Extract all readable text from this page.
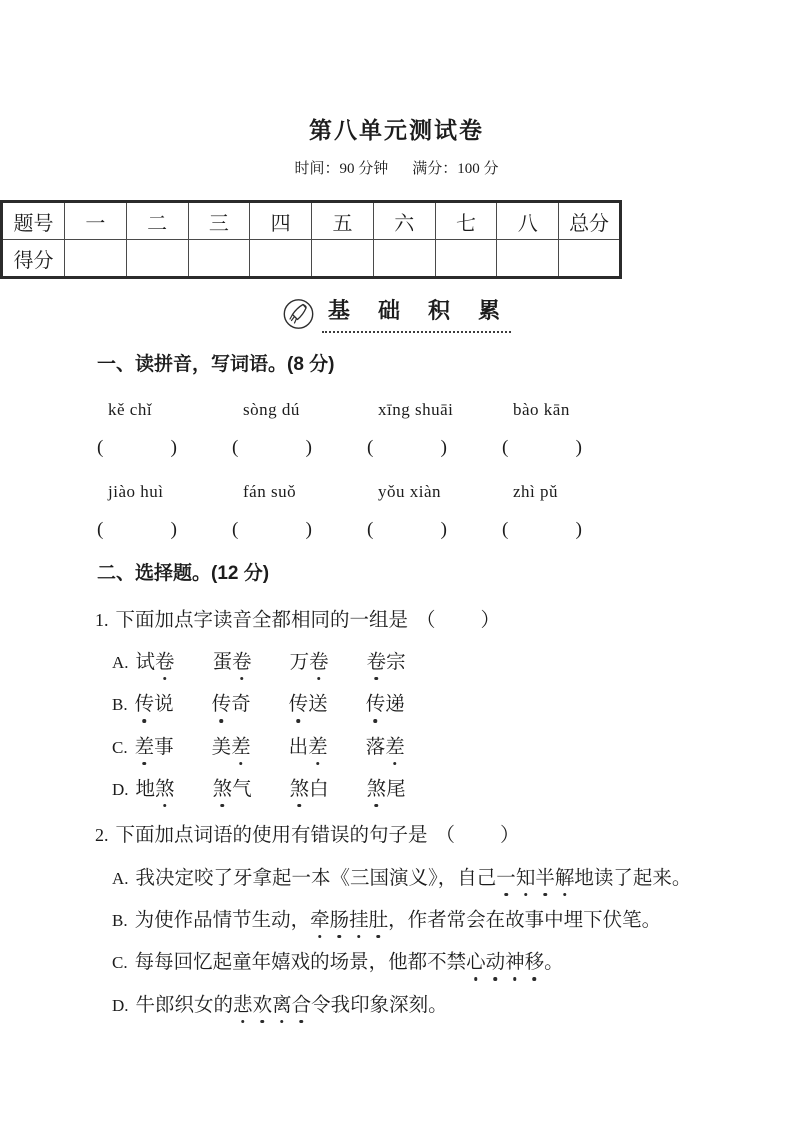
第八单元测试卷
时间：90 分钟 满分：100 分
题号	一	二	三	四	五	六	七	八	总分
得分									
基 础 积 累
一、读拼音，写词语。(8 分)
kě chǐ
(	)
sòng dú
(	)
xīng shuāi
(	)
bào kān
(	)
jiào huì
(	)
fán suǒ
(	)
yǒu xiàn
(	)
zhì pǔ
(	)
二、选择题。(12 分)
1. 下面加点字读音全都相同的一组是 （　　）
A. 试卷 蛋卷 万卷 卷宗
B. 传说 传奇 传送 传递
C. 差事 美差 出差 落差
D. 地煞 煞气 煞白 煞尾
2. 下面加点词语的使用有错误的句子是 （　　）
A. 我决定咬了牙拿起一本《三国演义》，自己一知半解地读了起来。
B. 为使作品情节生动，牵肠挂肚，作者常会在故事中埋下伏笔。
C. 每每回忆起童年嬉戏的场景，他都不禁心动神移。
D. 牛郎织女的悲欢离合令我印象深刻。
